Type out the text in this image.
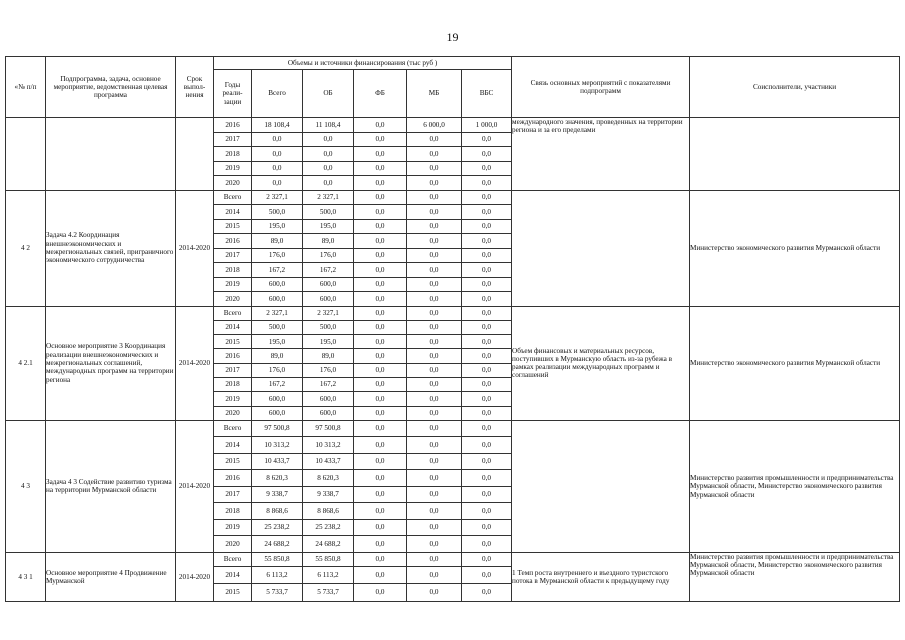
19
«№ п/п	Подпрограмма, задача, основное мероприятие, ведомственная целевая программа	Срок выпол-нения	Объемы и источники финансирования (тыс руб )						Связь основных мероприятий с показателями подпрограмм	Соисполнители, участники
			Годы реали-зации	Всего	ОБ	ФБ	МБ	ВБС		
			2016	18 108,4	11 108,4	0,0	6 000,0	1 000,0	международного значения, проведенных на территории региона и за его пределами	
			2017	0,0	0,0	0,0	0,0	0,0		
			2018	0,0	0,0	0,0	0,0	0,0		
			2019	0,0	0,0	0,0	0,0	0,0		
			2020	0,0	0,0	0,0	0,0	0,0		
4 2	Задача 4.2 Координация внешнеэкономических и межрегиональных связей, приграничного экономического сотрудничества	2014-2020	Всего	2 327,1	2 327,1	0,0	0,0	0,0		Министерство экономического развития Мурманской области
			2014	500,0	500,0	0,0	0,0	0,0		
			2015	195,0	195,0	0,0	0,0	0,0		
			2016	89,0	89,0	0,0	0,0	0,0		
			2017	176,0	176,0	0,0	0,0	0,0		
			2018	167,2	167,2	0,0	0,0	0,0		
			2019	600,0	600,0	0,0	0,0	0,0		
			2020	600,0	600,0	0,0	0,0	0,0		
4 2.1	Основное мероприятие 3 Координация реализации внешнеэкономических и межрегиональных соглашений, международных программ на территории региона	2014-2020	Всего	2 327,1	2 327,1	0,0	0,0	0,0	Объем финансовых и материальных ресурсов, поступивших в Мурманскую область из-за рубежа в рамках реализации международных программ и соглашений	Министерство экономического развития Мурманской области
			2014	500,0	500,0	0,0	0,0	0,0		
			2015	195,0	195,0	0,0	0,0	0,0		
			2016	89,0	89,0	0,0	0,0	0,0		
			2017	176,0	176,0	0,0	0,0	0,0		
			2018	167,2	167,2	0,0	0,0	0,0		
			2019	600,0	600,0	0,0	0,0	0,0		
			2020	600,0	600,0	0,0	0,0	0,0		
4 3	Задача 4 3 Содействие развитию туризма на территории Мурманской области	2014-2020	Всего	97 500,8	97 500,8	0,0	0,0	0,0		Министерство развития промышленности и предпринимательства Мурманской области, Министерство экономического развития Мурманской области
			2014	10 313,2	10 313,2	0,0	0,0	0,0		
			2015	10 433,7	10 433,7	0,0	0,0	0,0		
			2016	8 620,3	8 620,3	0,0	0,0	0,0		
			2017	9 338,7	9 338,7	0,0	0,0	0,0		
			2018	8 868,6	8 868,6	0,0	0,0	0,0		
			2019	25 238,2	25 238,2	0,0	0,0	0,0		
			2020	24 688,2	24 688,2	0,0	0,0	0,0		
4 3 1	Основное мероприятие 4 Продвижение Мурманской	2014-2020	Всего	55 850,8	55 850,8	0,0	0,0	0,0	1 Темп роста внутреннего и въездного туристского потока в Мурманской области к предыдущему году	Министерство развития промышленности и предпринимательства Мурманской области, Министерство экономического развития Мурманской области
			2014	6 113,2	6 113,2	0,0	0,0	0,0		
			2015	5 733,7	5 733,7	0,0	0,0	0,0		
